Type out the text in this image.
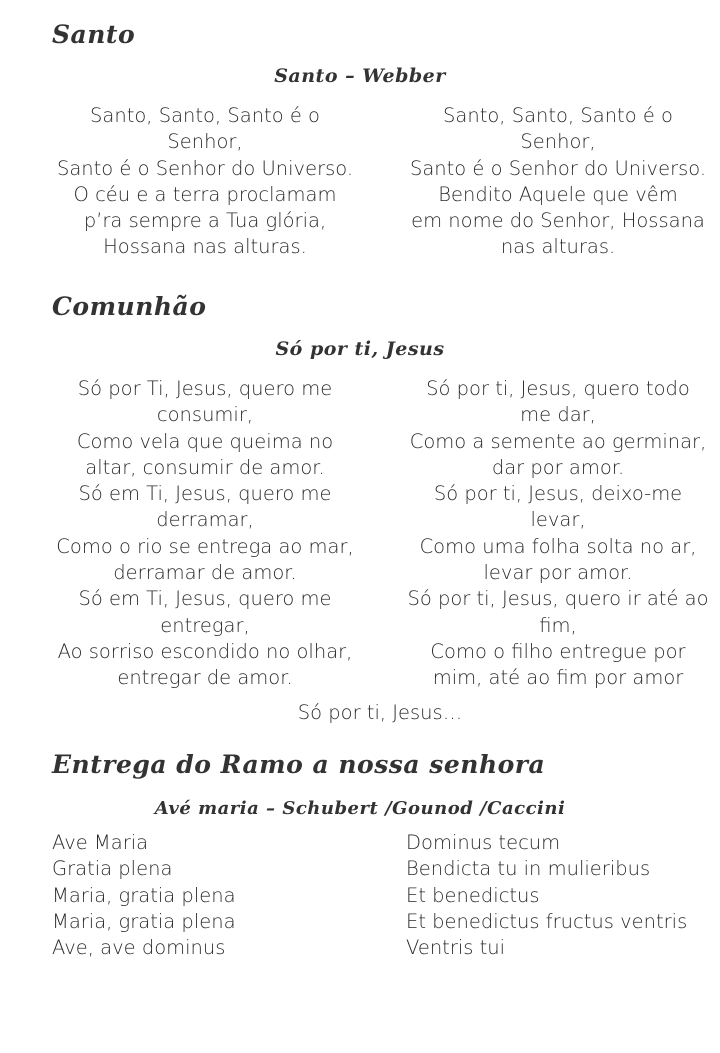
Santo
Santo – Webber
Santo, Santo, Santo é o
Senhor,
Santo é o Senhor do Universo.
O céu e a terra proclamam
p’ra sempre a Tua glória,
Hossana nas alturas.
Santo, Santo, Santo é o
Senhor,
Santo é o Senhor do Universo.
Bendito Aquele que vêm
em nome do Senhor, Hossana
nas alturas.
Comunhão
Só por ti, Jesus
Só por Ti, Jesus, quero me
consumir,
Como vela que queima no
altar, consumir de amor.
Só em Ti, Jesus, quero me
derramar,
Como o rio se entrega ao mar,
derramar de amor.
Só em Ti, Jesus, quero me
entregar,
Ao sorriso escondido no olhar,
entregar de amor.
Só por ti, Jesus, quero todo
me dar,
Como a semente ao germinar,
dar por amor.
Só por ti, Jesus, deixo-me
levar,
Como uma folha solta no ar,
levar por amor.
Só por ti, Jesus, quero ir até ao
fim,
Como o filho entregue por
mim, até ao fim por amor
Só por ti, Jesus…
Entrega do Ramo a nossa senhora
Avé maria – Schubert /Gounod /Caccini
Ave Maria
Gratia plena
Maria, gratia plena
Maria, gratia plena
Ave, ave dominus
Dominus tecum
Bendicta tu in mulieribus
Et benedictus
Et benedictus fructus ventris
Ventris tui
